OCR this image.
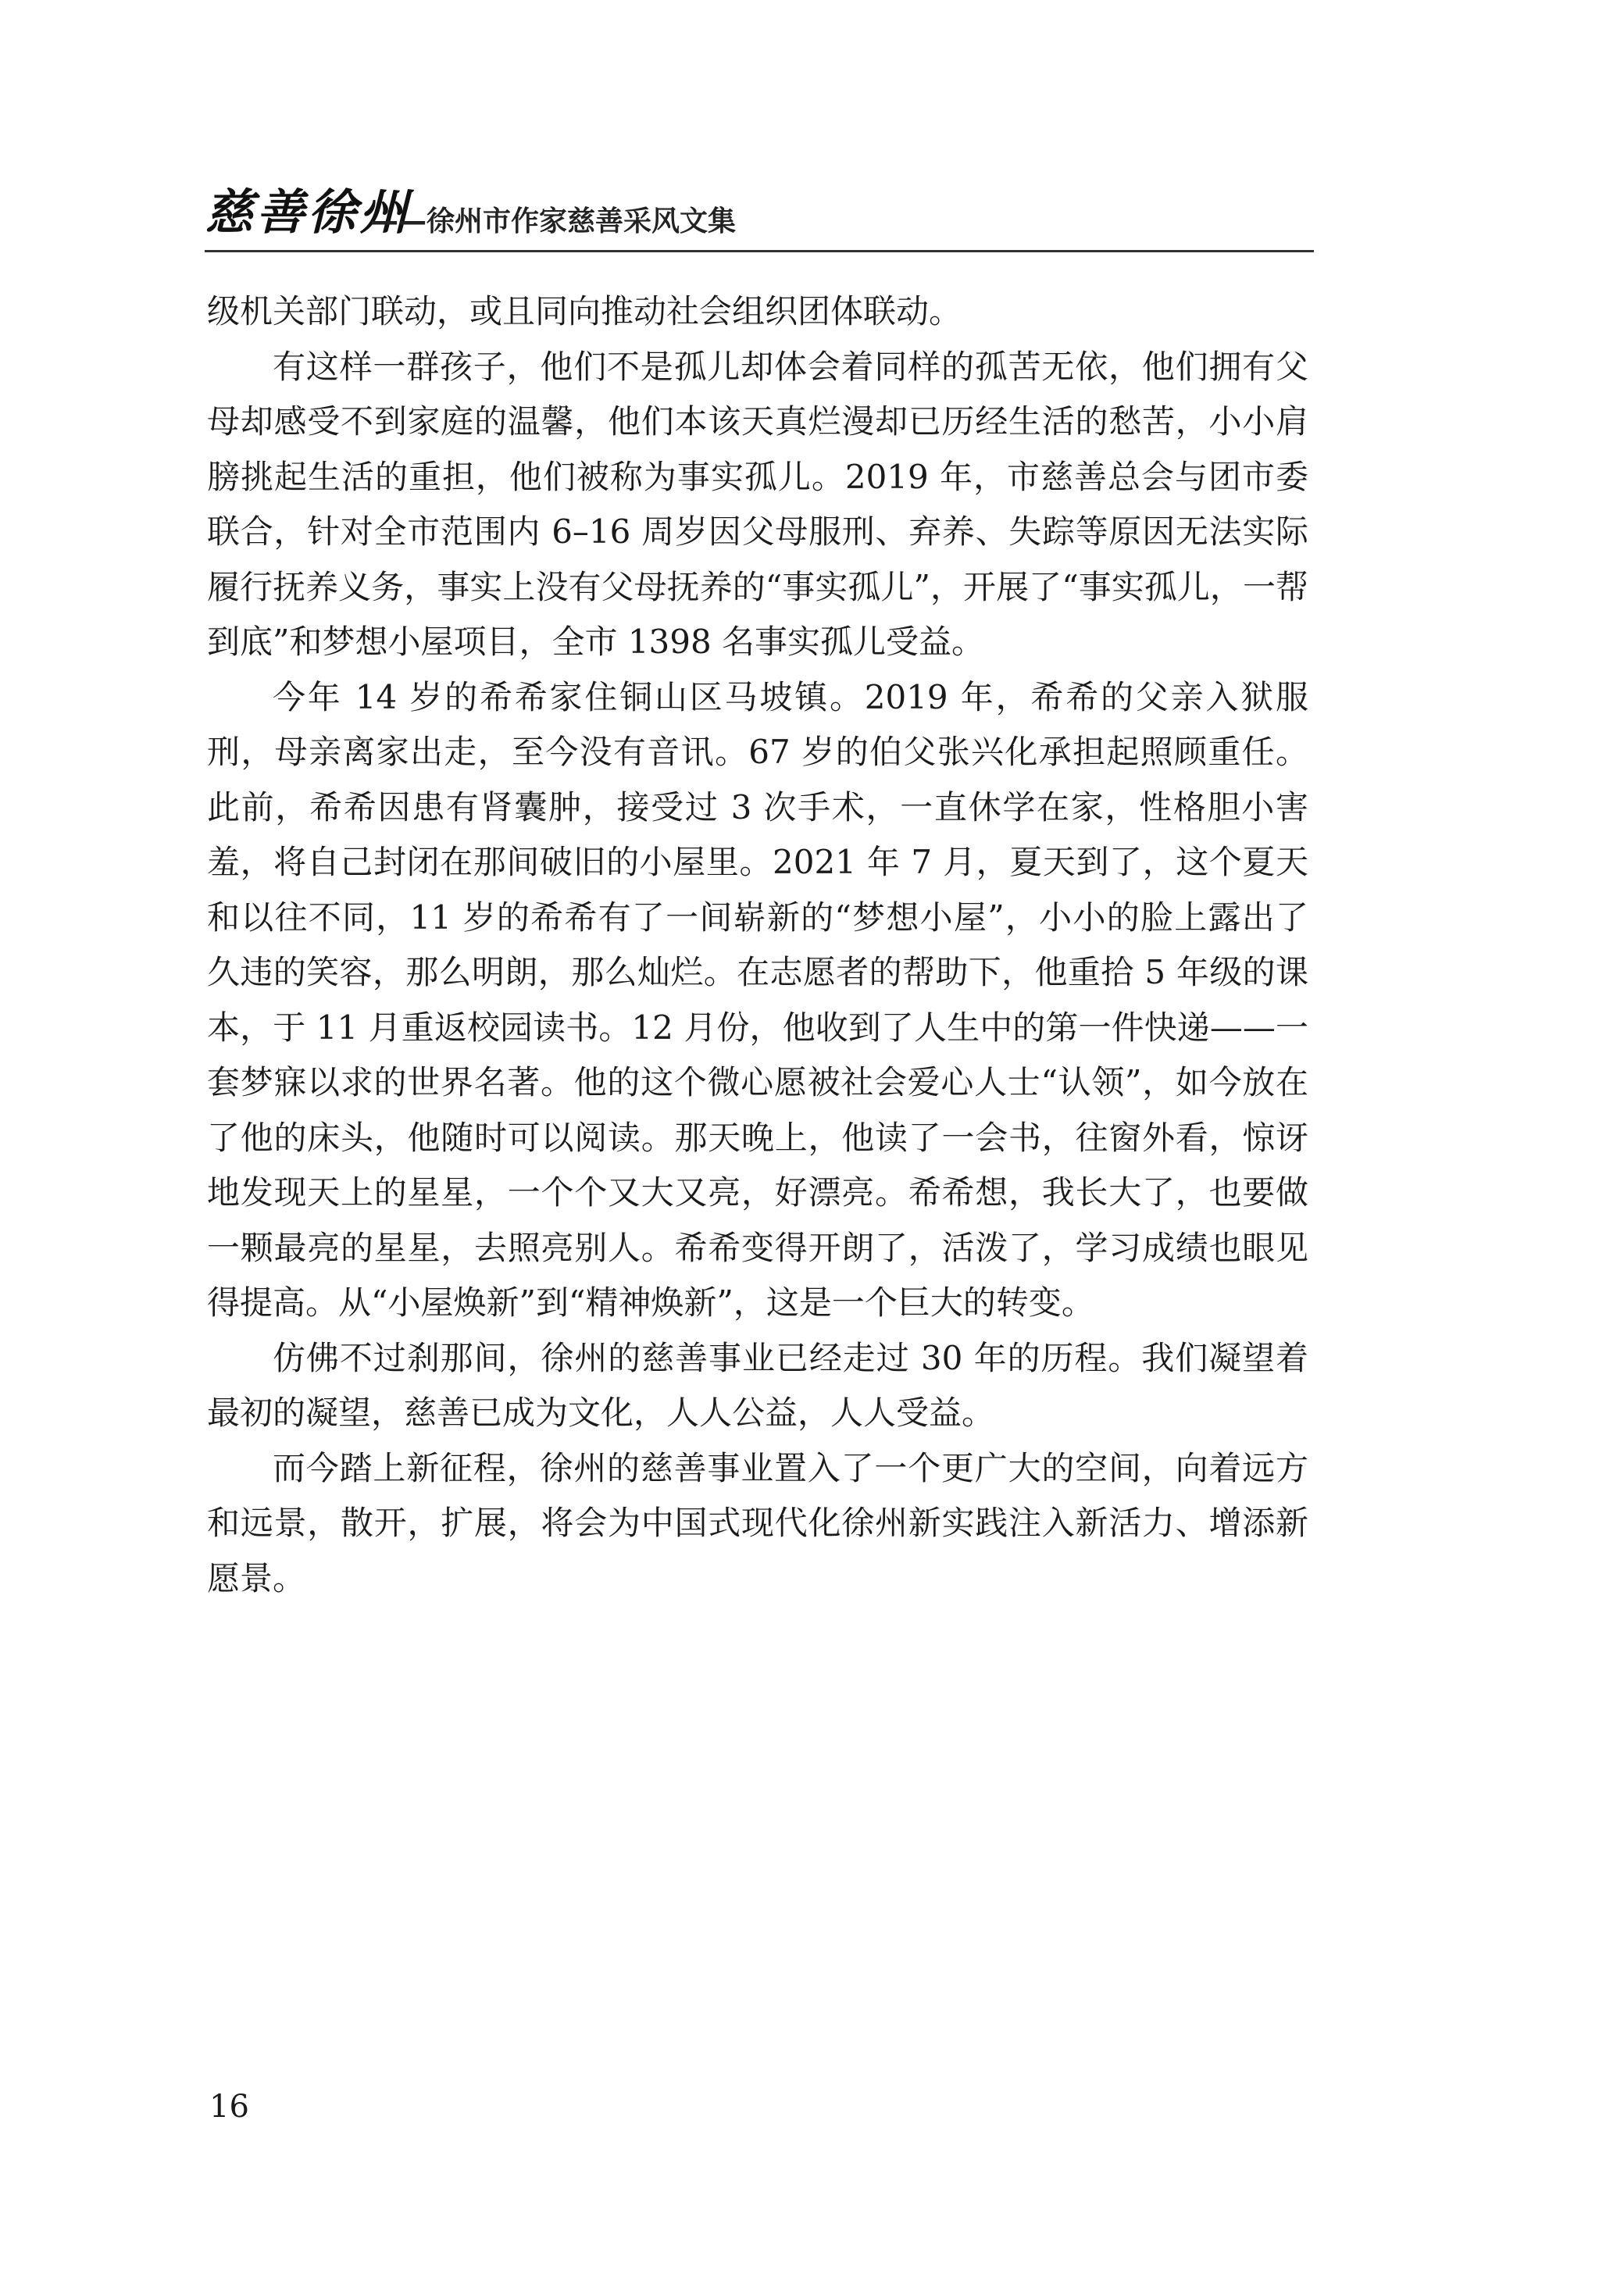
慈善徐州
——徐州市作家慈善采风文集

级机关部门联动，或且同向推动社会组织团体联动。

有这样一群孩子，他们不是孤儿却体会着同样的孤苦无依，他们拥有父母却感受不到家庭的温馨，他们本该天真烂漫却已历经生活的愁苦，小小肩膀挑起生活的重担，他们被称为事实孤儿。2019 年，市慈善总会与团市委联合，针对全市范围内 6–16 周岁因父母服刑、弃养、失踪等原因无法实际履行抚养义务，事实上没有父母抚养的“事实孤儿”，开展了“事实孤儿，一帮到底”和梦想小屋项目，全市 1398 名事实孤儿受益。

今年 14 岁的希希家住铜山区马坡镇。2019 年，希希的父亲入狱服刑，母亲离家出走，至今没有音讯。67 岁的伯父张兴化承担起照顾重任。此前，希希因患有肾囊肿，接受过 3 次手术，一直休学在家，性格胆小害羞，将自己封闭在那间破旧的小屋里。2021 年 7 月，夏天到了，这个夏天和以往不同，11 岁的希希有了一间崭新的“梦想小屋”，小小的脸上露出了久违的笑容，那么明朗，那么灿烂。在志愿者的帮助下，他重拾 5 年级的课本，于 11 月重返校园读书。12 月份，他收到了人生中的第一件快递——一套梦寐以求的世界名著。他的这个微心愿被社会爱心人士“认领”，如今放在了他的床头，他随时可以阅读。那天晚上，他读了一会书，往窗外看，惊讶地发现天上的星星，一个个又大又亮，好漂亮。希希想，我长大了，也要做一颗最亮的星星，去照亮别人。希希变得开朗了，活泼了，学习成绩也眼见得提高。从“小屋焕新”到“精神焕新”，这是一个巨大的转变。

仿佛不过刹那间，徐州的慈善事业已经走过 30 年的历程。我们凝望着最初的凝望，慈善已成为文化，人人公益，人人受益。

而今踏上新征程，徐州的慈善事业置入了一个更广大的空间，向着远方和远景，散开，扩展，将会为中国式现代化徐州新实践注入新活力、增添新愿景。

16
